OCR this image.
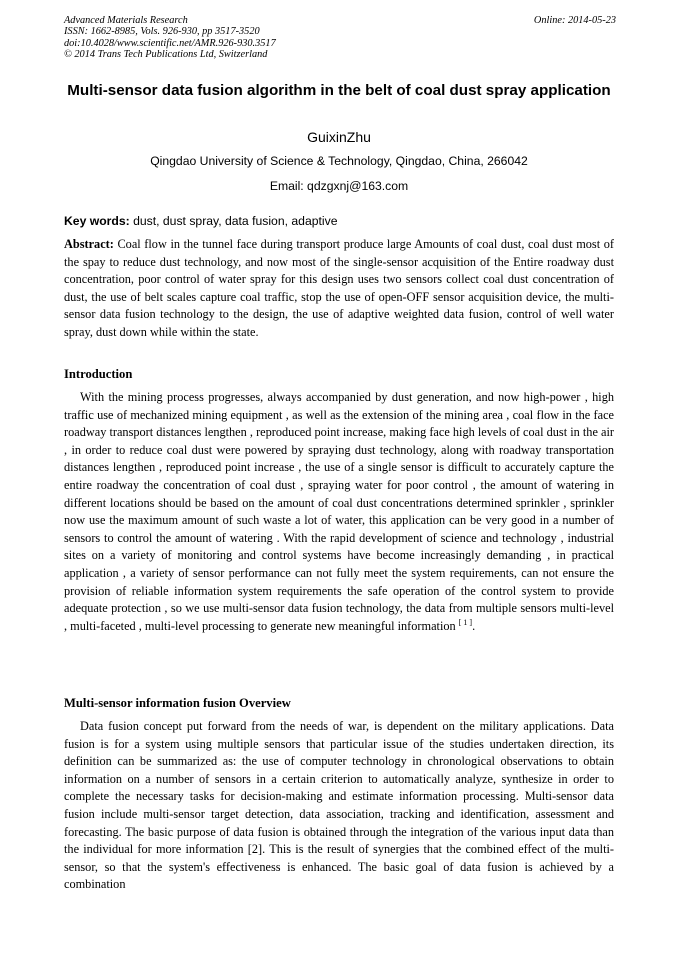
Advanced Materials Research
ISSN: 1662-8985, Vols. 926-930, pp 3517-3520
doi:10.4028/www.scientific.net/AMR.926-930.3517
© 2014 Trans Tech Publications Ltd, Switzerland
Online: 2014-05-23
Multi-sensor data fusion algorithm in the belt of coal dust spray application
GuixinZhu
Qingdao University of Science & Technology, Qingdao, China, 266042
Email: qdzgxnj@163.com
Key words: dust, dust spray, data fusion, adaptive
Abstract: Coal flow in the tunnel face during transport produce large Amounts of coal dust, coal dust most of the spay to reduce dust technology, and now most of the single-sensor acquisition of the Entire roadway dust concentration, poor control of water spray for this design uses two sensors collect coal dust concentration of dust, the use of belt scales capture coal traffic, stop the use of open-OFF sensor acquisition device, the multi-sensor data fusion technology to the design, the use of adaptive weighted data fusion, control of well water spray, dust down while within the state.
Introduction
With the mining process progresses, always accompanied by dust generation, and now high-power , high traffic use of mechanized mining equipment , as well as the extension of the mining area , coal flow in the face roadway transport distances lengthen , reproduced point increase, making face high levels of coal dust in the air , in order to reduce coal dust were powered by spraying dust technology, along with roadway transportation distances lengthen , reproduced point increase , the use of a single sensor is difficult to accurately capture the entire roadway the concentration of coal dust , spraying water for poor control , the amount of watering in different locations should be based on the amount of coal dust concentrations determined sprinkler , sprinkler now use the maximum amount of such waste a lot of water, this application can be very good in a number of sensors to control the amount of watering . With the rapid development of science and technology , industrial sites on a variety of monitoring and control systems have become increasingly demanding , in practical application , a variety of sensor performance can not fully meet the system requirements, can not ensure the provision of reliable information system requirements the safe operation of the control system to provide adequate protection , so we use multi-sensor data fusion technology, the data from multiple sensors multi-level , multi-faceted , multi-level processing to generate new meaningful information [ 1 ].
Multi-sensor information fusion Overview
Data fusion concept put forward from the needs of war, is dependent on the military applications. Data fusion is for a system using multiple sensors that particular issue of the studies undertaken direction, its definition can be summarized as: the use of computer technology in chronological observations to obtain information on a number of sensors in a certain criterion to automatically analyze, synthesize in order to complete the necessary tasks for decision-making and estimate information processing. Multi-sensor data fusion include multi-sensor target detection, data association, tracking and identification, assessment and forecasting. The basic purpose of data fusion is obtained through the integration of the various input data than the individual for more information [2]. This is the result of synergies that the combined effect of the multi-sensor, so that the system's effectiveness is enhanced. The basic goal of data fusion is achieved by a combination
